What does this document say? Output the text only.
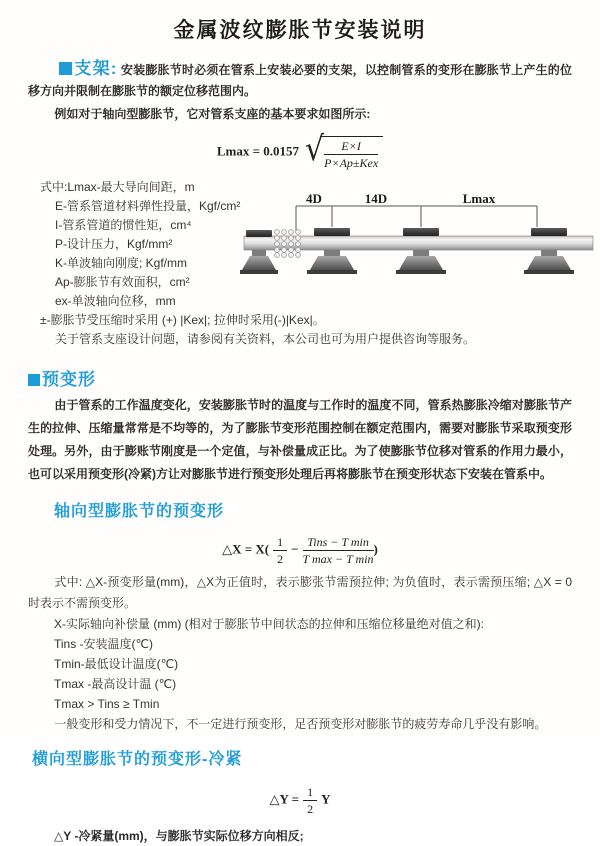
金属波纹膨胀节安装说明

支架: 安装膨胀节时必须在管系上安装必要的支架，以控制管系的变形在膨胀节上产生的位移方向并限制在膨胀节的额定位移范围内。

例如对于轴向型膨胀节，它对管系支座的基本要求如图所示:

Lmax = 0.0157 √ $\frac{E\times I}{\text{P×Ap±Kex}}$
式中:Lmax-最大导向间距，m
E-管系管道材料弹性投量，Kgf/cm²
I-管系管道的惯性矩，cm⁴
P-设计压力，Kgf/mm²
K-单波轴向刚度; Kgf/mm
Ap-膨胀节有效面积，cm²
ex-单波轴向位移，mm
±-膨胀节受压缩时采用 (+) |Kex|; 拉伸时采用(-)|Kex|。
关于管系支座设计问题，请参阅有关资料，本公司也可为用户提供咨询等服务。
预变形

由于管系的工作温度变化，安装膨胀节时的温度与工作时的温度不同，管系热膨胀冷缩对膨胀节产生的拉伸、压缩量常常是不均等的，为了膨胀节变形范围控制在额定范围内，需要对膨胀节采取预变形处理。另外，由于膨账节刚度是一个定值，与补偿量成正比。为了使膨胀节位移对管系的作用力最小，也可以采用预变形(冷紧)方让对膨胀节进行预变形处理后再将膨胀节在预变形状态下安装在管系中。

轴向型膨胀节的预变形
△X = $X( \frac{1}{2} - \frac{\text{Tins − T min}}{\text{T max − T min}}$ )

式中: △X-预变形量(mm)，△X为正值时，表示膨张节需预拉伸; 为负值时，表示需预压缩; △X = 0时表示不需预变形。

X-实际轴向补偿量 (mm) (相对于膨胀节中间状态的拉伸和压缩位移量绝对值之和):
Tins -安装温度(℃)
Tmin-最低设计温度(℃)
Tmax -最高设计温 (℃)
Tmax > Tins ≥ Tmin

一般变形和受力情况下，不一定进行预变形，足否预变形对膨胀节的疲劳寿命几乎没有影响。

横向型膨胀节的预变形-冷紧
△Y = $\frac{1}{2}$ Y
△Y -冷紧量(mm)，与膨胀节实际位移方向相反;
4D	14D	Lmax
